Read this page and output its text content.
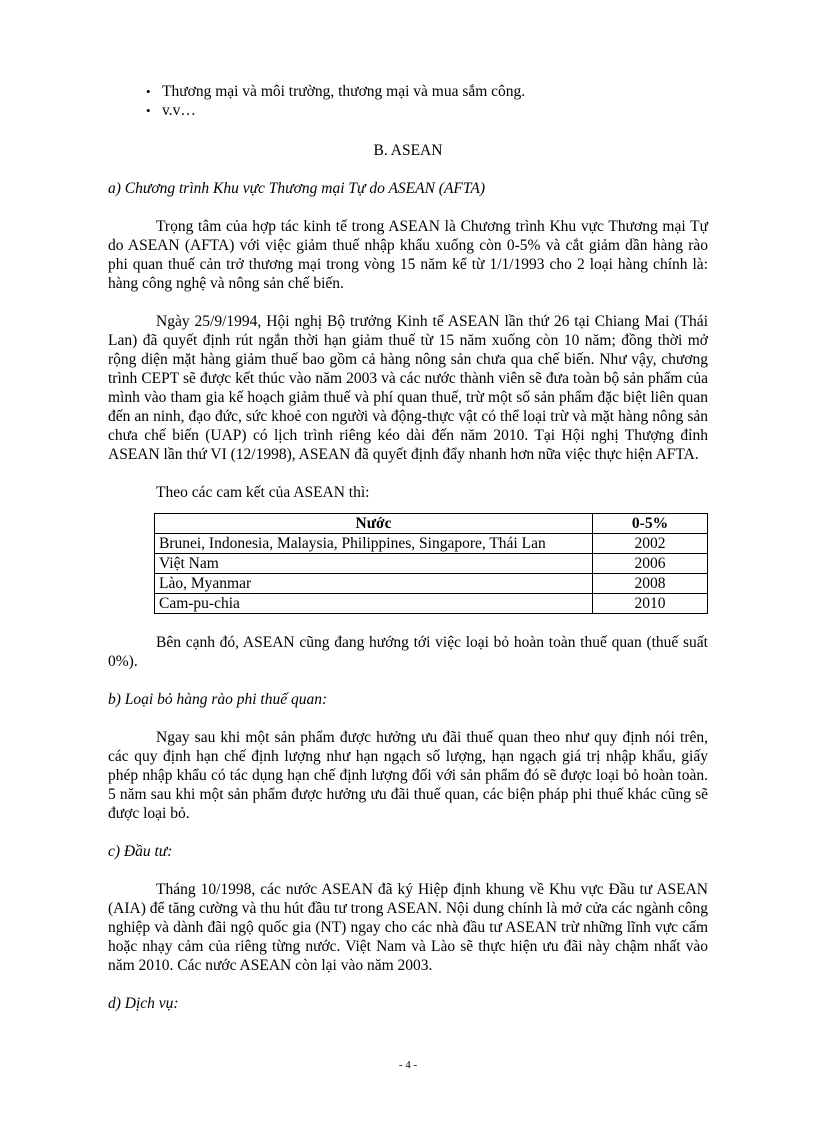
• Thương mại và môi trường, thương mại và mua sắm công.
• v.v…
B. ASEAN
a) Chương trình Khu vực Thương mại Tự do ASEAN (AFTA)

Trọng tâm của hợp tác kinh tế trong ASEAN là Chương trình Khu vực Thương mại Tự do ASEAN (AFTA) với việc giảm thuế nhập khẩu xuống còn 0-5% và cắt giảm dần hàng rào phi quan thuế cản trở thương mại trong vòng 15 năm kể từ 1/1/1993 cho 2 loại hàng chính là: hàng công nghệ và nông sản chế biến.

Ngày 25/9/1994, Hội nghị Bộ trưởng Kinh tế ASEAN lần thứ 26 tại Chiang Mai (Thái Lan) đã quyết định rút ngắn thời hạn giảm thuế từ 15 năm xuống còn 10 năm; đồng thời mở rộng diện mặt hàng giảm thuế bao gồm cả hàng nông sản chưa qua chế biến. Như vậy, chương trình CEPT sẽ được kết thúc vào năm 2003 và các nước thành viên sẽ đưa toàn bộ sản phẩm của mình vào tham gia kế hoạch giảm thuế và phí quan thuế, trừ một số sản phẩm đặc biệt liên quan đến an ninh, đạo đức, sức khoẻ con người và động-thực vật có thể loại trừ và mặt hàng nông sản chưa chế biến (UAP) có lịch trình riêng kéo dài đến năm 2010. Tại Hội nghị Thượng đỉnh ASEAN lần thứ VI (12/1998), ASEAN đã quyết định đẩy nhanh hơn nữa việc thực hiện AFTA.

Theo các cam kết của ASEAN thì:

Nước	0-5%
Brunei, Indonesia, Malaysia, Philippines, Singapore, Thái Lan	2002
Việt Nam	2006
Lào, Myanmar	2008
Cam-pu-chia	2010

Bên cạnh đó, ASEAN cũng đang hướng tới việc loại bỏ hoàn toàn thuế quan (thuế suất 0%).

b) Loại bỏ hàng rào phi thuế quan:

Ngay sau khi một sản phẩm được hưởng ưu đãi thuế quan theo như quy định nói trên, các quy định hạn chế định lượng như hạn ngạch số lượng, hạn ngạch giá trị nhập khẩu, giấy phép nhập khẩu có tác dụng hạn chế định lượng đối với sản phẩm đó sẽ được loại bỏ hoàn toàn. 5 năm sau khi một sản phẩm được hưởng ưu đãi thuế quan, các biện pháp phi thuế khác cũng sẽ được loại bỏ.

c) Đầu tư:

Tháng 10/1998, các nước ASEAN đã ký Hiệp định khung về Khu vực Đầu tư ASEAN (AIA) để tăng cường và thu hút đầu tư trong ASEAN. Nội dung chính là mở cửa các ngành công nghiệp và dành đãi ngộ quốc gia (NT) ngay cho các nhà đầu tư ASEAN trừ những lĩnh vực cấm hoặc nhạy cảm của riêng từng nước. Việt Nam và Lào sẽ thực hiện ưu đãi này chậm nhất vào năm 2010. Các nước ASEAN còn lại vào năm 2003.

d) Dịch vụ:
- 4 -
